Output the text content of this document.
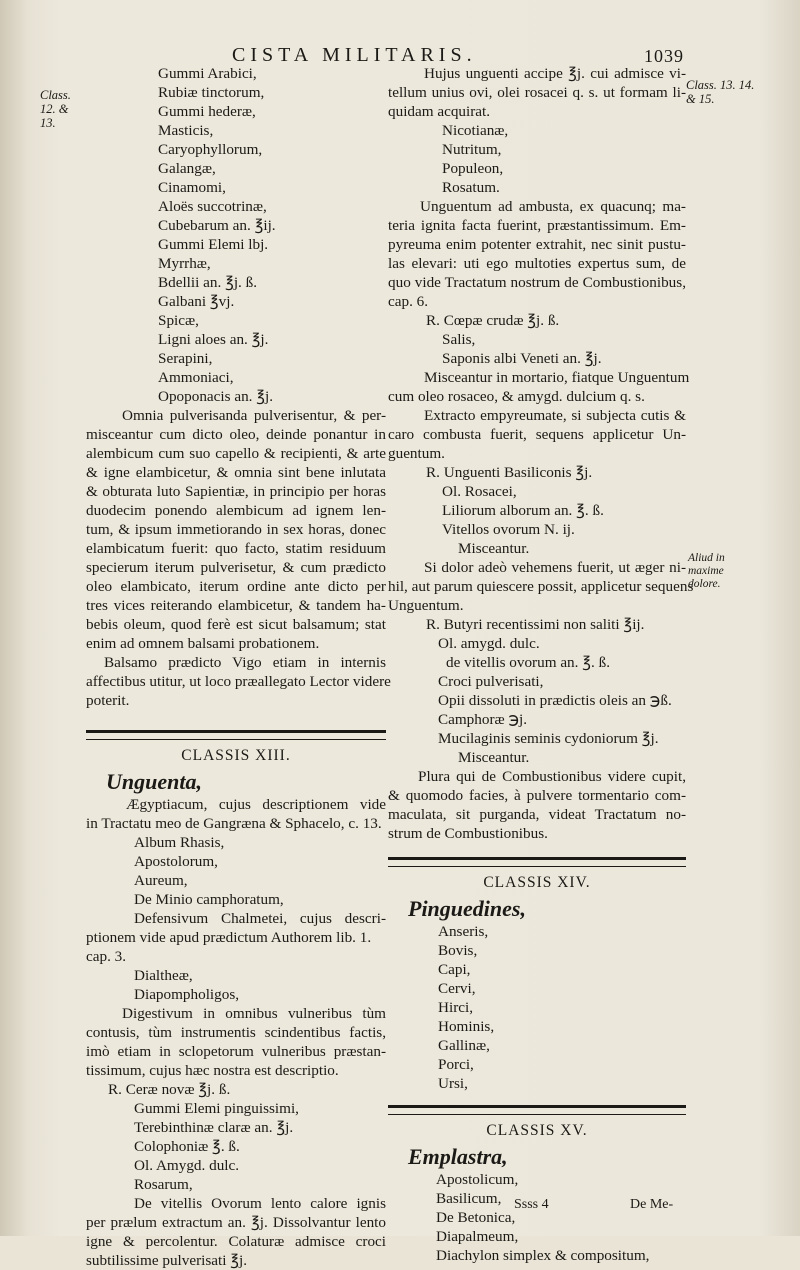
CISTA MILITARIS.	1039
Class. 12. & 13.
Class. 13. 14. & 15.
Aliud in maxime dolore.
Gummi Arabici,
Rubiæ tinctorum,
Gummi hederæ,
Masticis,
Caryophyllorum,
Galangæ,
Cinamomi,
Aloës succotrinæ,
Cubebarum an. ℥ij.
Gummi Elemi lbj.
Myrrhæ,
Bdellii an. ℥j. ß.
Galbani ℥vj.
Spicæ,
Ligni aloes an. ℥j.
Serapini,
Ammoniaci,
Opoponacis an. ℥j.
Omnia pulverisanda pulverisentur, & per-
misceantur cum dicto oleo, deinde ponantur in
alembicum cum suo capello & recipienti, & arte
& igne elambicetur, & omnia sint bene inlutata
& obturata luto Sapientiæ, in principio per horas
duodecim ponendo alembicum ad ignem len-
tum, & ipsum immetiorando in sex horas, donec
elambicatum fuerit: quo facto, statim residuum
specierum iterum pulverisetur, & cum prædicto
oleo elambicato, iterum ordine ante dicto per
tres vices reiterando elambicetur, & tandem ha-
bebis oleum, quod ferè est sicut balsamum; stat
enim ad omnem balsami probationem.
Balsamo prædicto Vigo etiam in internis
affectibus utitur, ut loco præallegato Lector videre
poterit.
CLASSIS XIII.
Unguenta,
Ægyptiacum, cujus descriptionem vide
in Tractatu meo de Gangræna & Sphacelo, c. 13.
Album Rhasis,
Apostolorum,
Aureum,
De Minio camphoratum,
Defensivum Chalmetei, cujus descri-
ptionem vide apud prædictum Authorem lib. 1.
cap. 3.
Dialtheæ,
Diapompholigos,
Digestivum in omnibus vulneribus tùm
contusis, tùm instrumentis scindentibus factis,
imò etiam in sclopetorum vulneribus præstan-
tissimum, cujus hæc nostra est descriptio.
R. Ceræ novæ ℥j. ß.
Gummi Elemi pinguissimi,
Terebinthinæ claræ an. ℥j.
Colophoniæ ℥. ß.
Ol. Amygd. dulc.
Rosarum,
De vitellis Ovorum lento calore ignis
per prælum extractum an. ℥j. Dissolvantur lento
igne & percolentur. Colaturæ admisce croci
subtilissime pulverisati ℥j.
Hujus unguenti accipe ℥j. cui admisce vi-
tellum unius ovi, olei rosacei q. s. ut formam li-
quidam acquirat.
Nicotianæ,
Nutritum,
Populeon,
Rosatum.
Unguentum ad ambusta, ex quacunq; ma-
teria ignita facta fuerint, præstantissimum. Em-
pyreuma enim potenter extrahit, nec sinit pustu-
las elevari: uti ego multoties expertus sum, de
quo vide Tractatum nostrum de Combustionibus,
cap. 6.
R. Cœpæ crudæ ℥j. ß.
Salis,
Saponis albi Veneti an. ℥j.
Misceantur in mortario, fiatque Unguentum
cum oleo rosaceo, & amygd. dulcium q. s.
Extracto empyreumate, si subjecta cutis &
caro combusta fuerit, sequens applicetur Un-
guentum.
R. Unguenti Basiliconis ℥j.
Ol. Rosacei,
Liliorum alborum an. ℥. ß.
Vitellos ovorum N. ij.
Misceantur.
Si dolor adeò vehemens fuerit, ut æger ni-
hil, aut parum quiescere possit, applicetur sequens
Unguentum.
R. Butyri recentissimi non saliti ℥ij.
Ol. amygd. dulc.
de vitellis ovorum an. ℥. ß.
Croci pulverisati,
Opii dissoluti in prædictis oleis an ℈ß.
Camphoræ ℈j.
Mucilaginis seminis cydoniorum ℥j.
Misceantur.
Plura qui de Combustionibus videre cupit,
& quomodo facies, à pulvere tormentario com-
maculata, sit purganda, videat Tractatum no-
strum de Combustionibus.
CLASSIS XIV.
Pinguedines,
Anseris,
Bovis,
Capi,
Cervi,
Hirci,
Hominis,
Gallinæ,
Porci,
Ursi,
CLASSIS XV.
Emplastra,
Apostolicum,
Basilicum,
De Betonica,
Diapalmeum,
Diachylon simplex & compositum,
Ssss 4	De Me-
